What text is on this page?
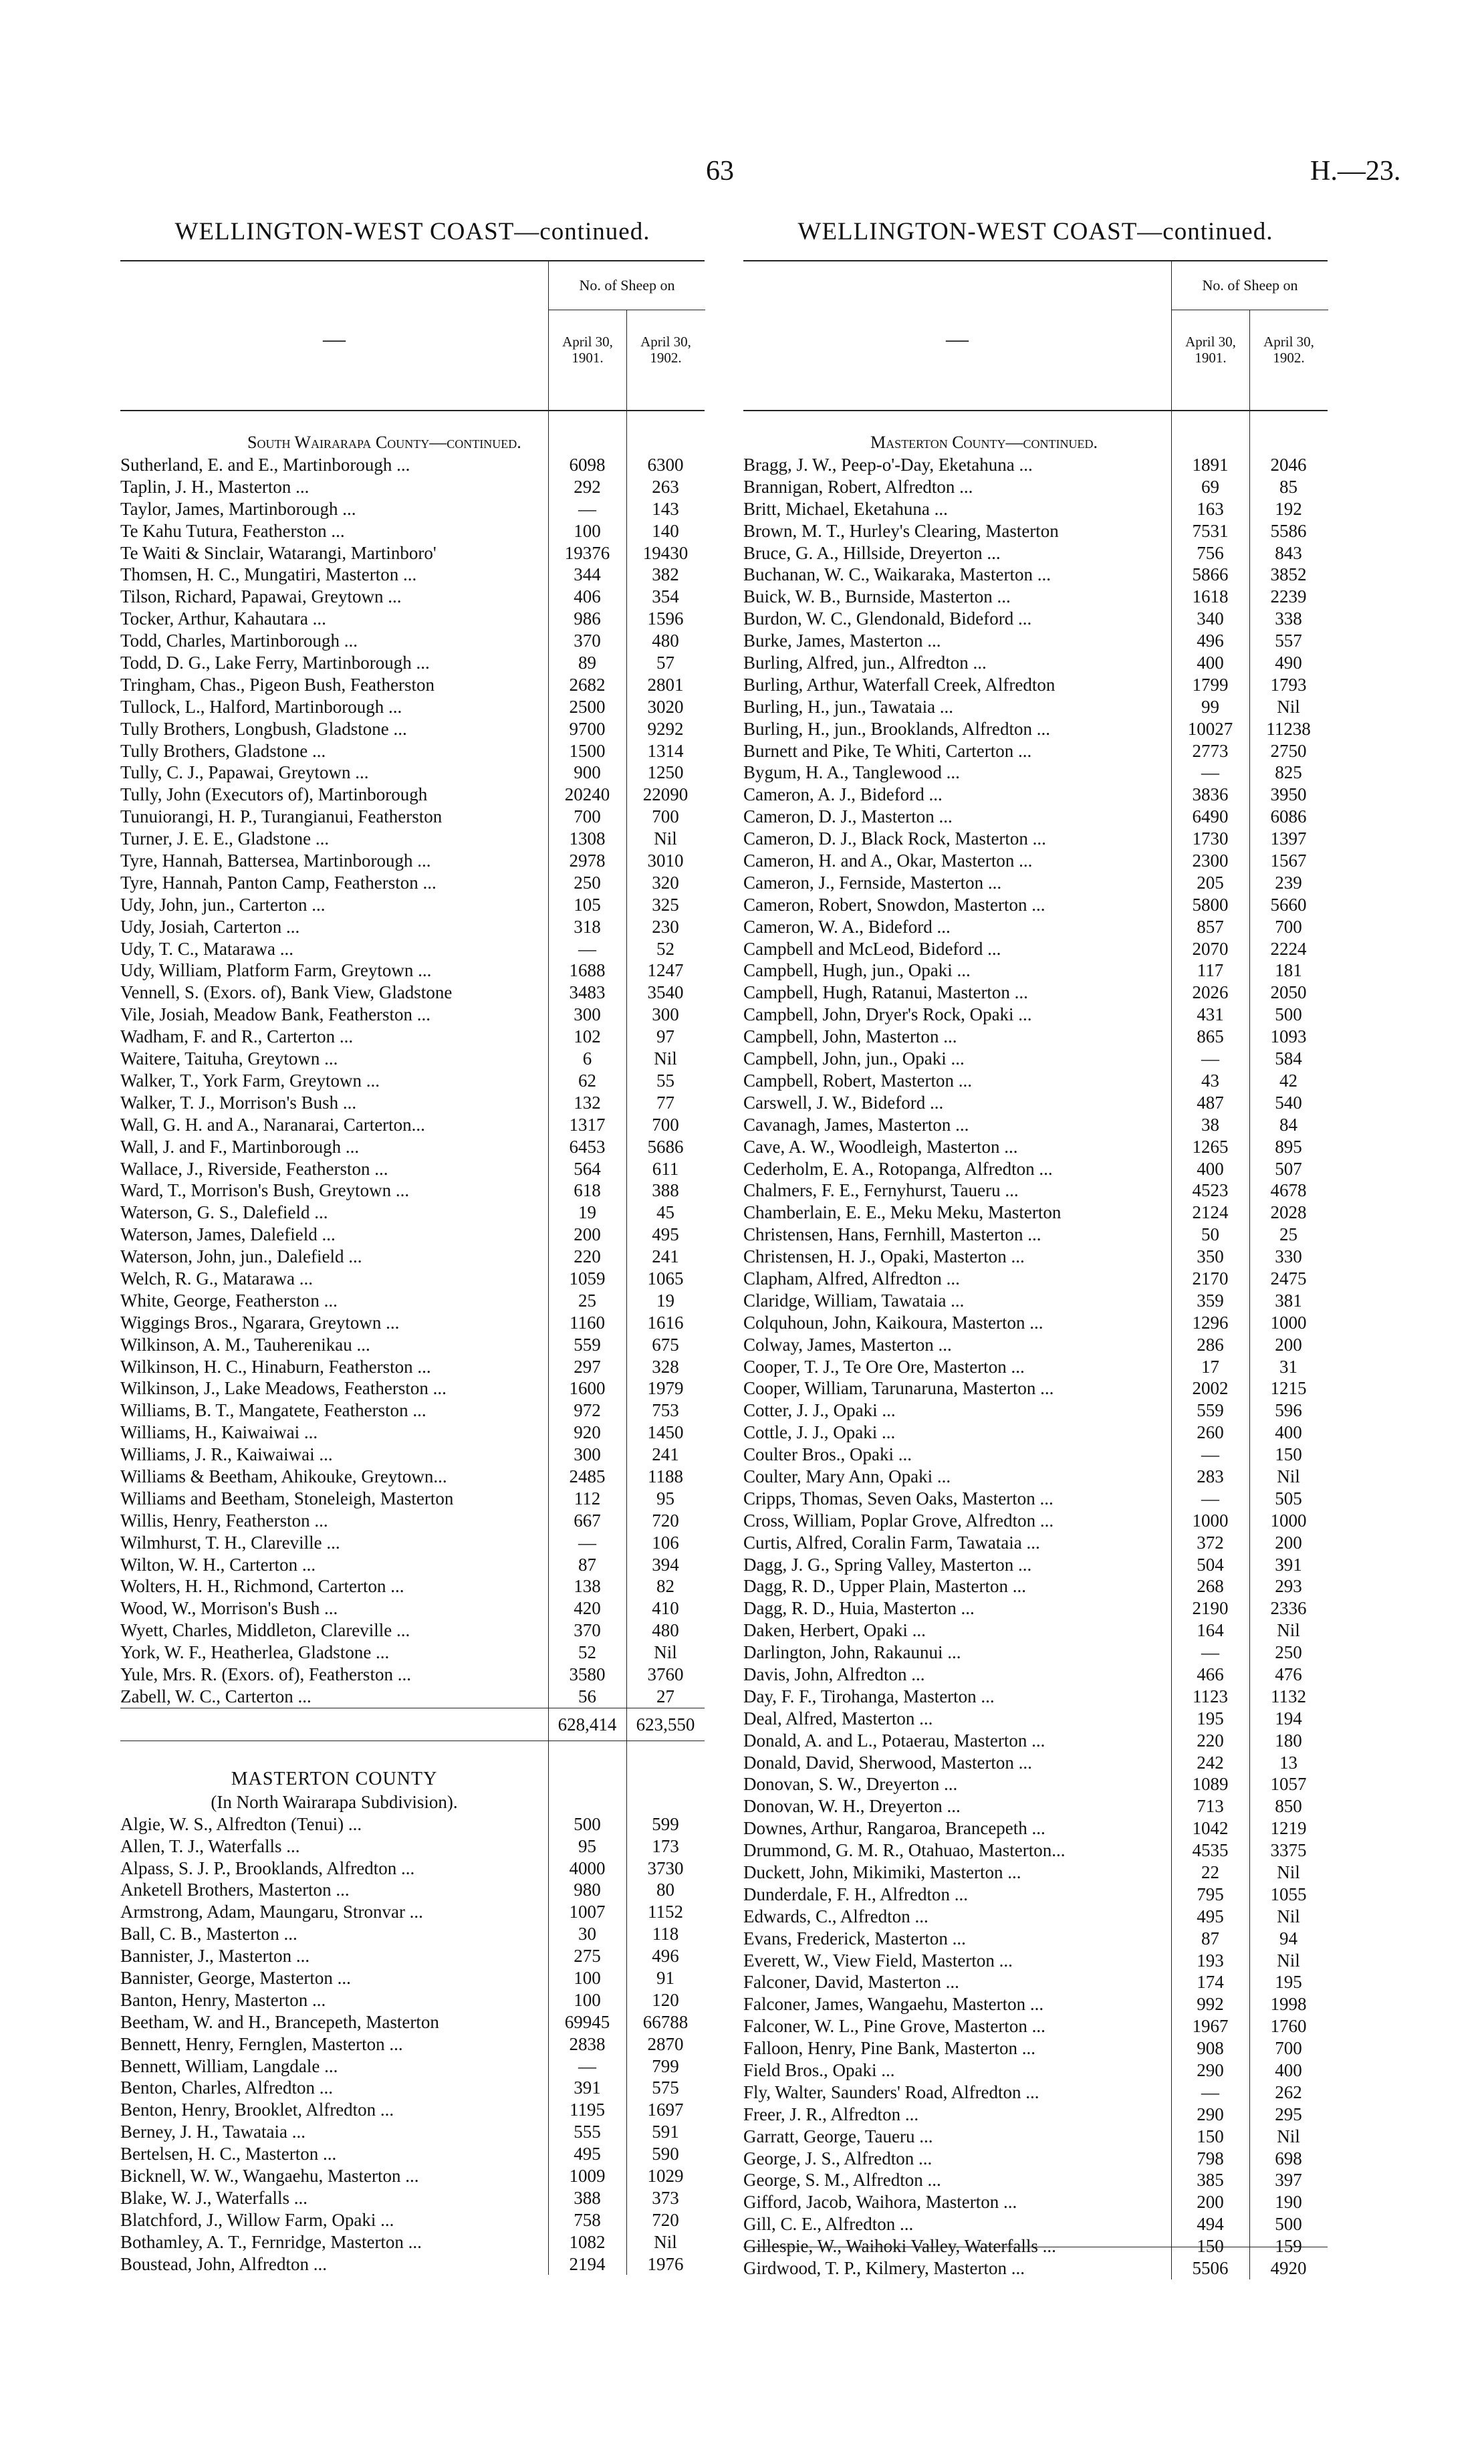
63	H.—23.
WELLINGTON-WEST COAST—continued.
—
No. of Sheep on
April 30, 1901.
April 30, 1902.
South Wairarapa County—continued.
Sutherland, E. and E., Martinborough ...	6098	6300
Taplin, J. H., Masterton ...	292	263
Taylor, James, Martinborough ...	—	143
Te Kahu Tutura, Featherston ...	100	140
Te Waiti & Sinclair, Watarangi, Martinboro'	19376	19430
Thomsen, H. C., Mungatiri, Masterton ...	344	382
Tilson, Richard, Papawai, Greytown ...	406	354
Tocker, Arthur, Kahautara ...	986	1596
Todd, Charles, Martinborough ...	370	480
Todd, D. G., Lake Ferry, Martinborough ...	89	57
Tringham, Chas., Pigeon Bush, Featherston	2682	2801
Tullock, L., Halford, Martinborough ...	2500	3020
Tully Brothers, Longbush, Gladstone ...	9700	9292
Tully Brothers, Gladstone ...	1500	1314
Tully, C. J., Papawai, Greytown ...	900	1250
Tully, John (Executors of), Martinborough	20240	22090
Tunuiorangi, H. P., Turangianui, Featherston	700	700
Turner, J. E. E., Gladstone ...	1308	Nil
Tyre, Hannah, Battersea, Martinborough ...	2978	3010
Tyre, Hannah, Panton Camp, Featherston ...	250	320
Udy, John, jun., Carterton ...	105	325
Udy, Josiah, Carterton ...	318	230
Udy, T. C., Matarawa ...	—	52
Udy, William, Platform Farm, Greytown ...	1688	1247
Vennell, S. (Exors. of), Bank View, Gladstone	3483	3540
Vile, Josiah, Meadow Bank, Featherston ...	300	300
Wadham, F. and R., Carterton ...	102	97
Waitere, Taituha, Greytown ...	6	Nil
Walker, T., York Farm, Greytown ...	62	55
Walker, T. J., Morrison's Bush ...	132	77
Wall, G. H. and A., Naranarai, Carterton...	1317	700
Wall, J. and F., Martinborough ...	6453	5686
Wallace, J., Riverside, Featherston ...	564	611
Ward, T., Morrison's Bush, Greytown ...	618	388
Waterson, G. S., Dalefield ...	19	45
Waterson, James, Dalefield ...	200	495
Waterson, John, jun., Dalefield ...	220	241
Welch, R. G., Matarawa ...	1059	1065
White, George, Featherston ...	25	19
Wiggings Bros., Ngarara, Greytown ...	1160	1616
Wilkinson, A. M., Tauherenikau ...	559	675
Wilkinson, H. C., Hinaburn, Featherston ...	297	328
Wilkinson, J., Lake Meadows, Featherston ...	1600	1979
Williams, B. T., Mangatete, Featherston ...	972	753
Williams, H., Kaiwaiwai ...	920	1450
Williams, J. R., Kaiwaiwai ...	300	241
Williams & Beetham, Ahikouke, Greytown...	2485	1188
Williams and Beetham, Stoneleigh, Masterton	112	95
Willis, Henry, Featherston ...	667	720
Wilmhurst, T. H., Clareville ...	—	106
Wilton, W. H., Carterton ...	87	394
Wolters, H. H., Richmond, Carterton ...	138	82
Wood, W., Morrison's Bush ...	420	410
Wyett, Charles, Middleton, Clareville ...	370	480
York, W. F., Heatherlea, Gladstone ...	52	Nil
Yule, Mrs. R. (Exors. of), Featherston ...	3580	3760
Zabell, W. C., Carterton ...	56	27
628,414	623,550
MASTERTON COUNTY
(In North Wairarapa Subdivision).
Algie, W. S., Alfredton (Tenui) ...	500	599
Allen, T. J., Waterfalls ...	95	173
Alpass, S. J. P., Brooklands, Alfredton ...	4000	3730
Anketell Brothers, Masterton ...	980	80
Armstrong, Adam, Maungaru, Stronvar ...	1007	1152
Ball, C. B., Masterton ...	30	118
Bannister, J., Masterton ...	275	496
Bannister, George, Masterton ...	100	91
Banton, Henry, Masterton ...	100	120
Beetham, W. and H., Brancepeth, Masterton	69945	66788
Bennett, Henry, Fernglen, Masterton ...	2838	2870
Bennett, William, Langdale ...	—	799
Benton, Charles, Alfredton ...	391	575
Benton, Henry, Brooklet, Alfredton ...	1195	1697
Berney, J. H., Tawataia ...	555	591
Bertelsen, H. C., Masterton ...	495	590
Bicknell, W. W., Wangaehu, Masterton ...	1009	1029
Blake, W. J., Waterfalls ...	388	373
Blatchford, J., Willow Farm, Opaki ...	758	720
Bothamley, A. T., Fernridge, Masterton ...	1082	Nil
Boustead, John, Alfredton ...	2194	1976
WELLINGTON-WEST COAST—continued.
—
No. of Sheep on
April 30, 1901.
April 30, 1902.
Masterton County—continued.
Bragg, J. W., Peep-o'-Day, Eketahuna ...	1891	2046
Brannigan, Robert, Alfredton ...	69	85
Britt, Michael, Eketahuna ...	163	192
Brown, M. T., Hurley's Clearing, Masterton	7531	5586
Bruce, G. A., Hillside, Dreyerton ...	756	843
Buchanan, W. C., Waikaraka, Masterton ...	5866	3852
Buick, W. B., Burnside, Masterton ...	1618	2239
Burdon, W. C., Glendonald, Bideford ...	340	338
Burke, James, Masterton ...	496	557
Burling, Alfred, jun., Alfredton ...	400	490
Burling, Arthur, Waterfall Creek, Alfredton	1799	1793
Burling, H., jun., Tawataia ...	99	Nil
Burling, H., jun., Brooklands, Alfredton ...	10027	11238
Burnett and Pike, Te Whiti, Carterton ...	2773	2750
Bygum, H. A., Tanglewood ...	—	825
Cameron, A. J., Bideford ...	3836	3950
Cameron, D. J., Masterton ...	6490	6086
Cameron, D. J., Black Rock, Masterton ...	1730	1397
Cameron, H. and A., Okar, Masterton ...	2300	1567
Cameron, J., Fernside, Masterton ...	205	239
Cameron, Robert, Snowdon, Masterton ...	5800	5660
Cameron, W. A., Bideford ...	857	700
Campbell and McLeod, Bideford ...	2070	2224
Campbell, Hugh, jun., Opaki ...	117	181
Campbell, Hugh, Ratanui, Masterton ...	2026	2050
Campbell, John, Dryer's Rock, Opaki ...	431	500
Campbell, John, Masterton ...	865	1093
Campbell, John, jun., Opaki ...	—	584
Campbell, Robert, Masterton ...	43	42
Carswell, J. W., Bideford ...	487	540
Cavanagh, James, Masterton ...	38	84
Cave, A. W., Woodleigh, Masterton ...	1265	895
Cederholm, E. A., Rotopanga, Alfredton ...	400	507
Chalmers, F. E., Fernyhurst, Taueru ...	4523	4678
Chamberlain, E. E., Meku Meku, Masterton	2124	2028
Christensen, Hans, Fernhill, Masterton ...	50	25
Christensen, H. J., Opaki, Masterton ...	350	330
Clapham, Alfred, Alfredton ...	2170	2475
Claridge, William, Tawataia ...	359	381
Colquhoun, John, Kaikoura, Masterton ...	1296	1000
Colway, James, Masterton ...	286	200
Cooper, T. J., Te Ore Ore, Masterton ...	17	31
Cooper, William, Tarunaruna, Masterton ...	2002	1215
Cotter, J. J., Opaki ...	559	596
Cottle, J. J., Opaki ...	260	400
Coulter Bros., Opaki ...	—	150
Coulter, Mary Ann, Opaki ...	283	Nil
Cripps, Thomas, Seven Oaks, Masterton ...	—	505
Cross, William, Poplar Grove, Alfredton ...	1000	1000
Curtis, Alfred, Coralin Farm, Tawataia ...	372	200
Dagg, J. G., Spring Valley, Masterton ...	504	391
Dagg, R. D., Upper Plain, Masterton ...	268	293
Dagg, R. D., Huia, Masterton ...	2190	2336
Daken, Herbert, Opaki ...	164	Nil
Darlington, John, Rakaunui ...	—	250
Davis, John, Alfredton ...	466	476
Day, F. F., Tirohanga, Masterton ...	1123	1132
Deal, Alfred, Masterton ...	195	194
Donald, A. and L., Potaerau, Masterton ...	220	180
Donald, David, Sherwood, Masterton ...	242	13
Donovan, S. W., Dreyerton ...	1089	1057
Donovan, W. H., Dreyerton ...	713	850
Downes, Arthur, Rangaroa, Brancepeth ...	1042	1219
Drummond, G. M. R., Otahuao, Masterton...	4535	3375
Duckett, John, Mikimiki, Masterton ...	22	Nil
Dunderdale, F. H., Alfredton ...	795	1055
Edwards, C., Alfredton ...	495	Nil
Evans, Frederick, Masterton ...	87	94
Everett, W., View Field, Masterton ...	193	Nil
Falconer, David, Masterton ...	174	195
Falconer, James, Wangaehu, Masterton ...	992	1998
Falconer, W. L., Pine Grove, Masterton ...	1967	1760
Falloon, Henry, Pine Bank, Masterton ...	908	700
Field Bros., Opaki ...	290	400
Fly, Walter, Saunders' Road, Alfredton ...	—	262
Freer, J. R., Alfredton ...	290	295
Garratt, George, Taueru ...	150	Nil
George, J. S., Alfredton ...	798	698
George, S. M., Alfredton ...	385	397
Gifford, Jacob, Waihora, Masterton ...	200	190
Gill, C. E., Alfredton ...	494	500
Gillespie, W., Waihoki Valley, Waterfalls ...	150	159
Girdwood, T. P., Kilmery, Masterton ...	5506	4920
